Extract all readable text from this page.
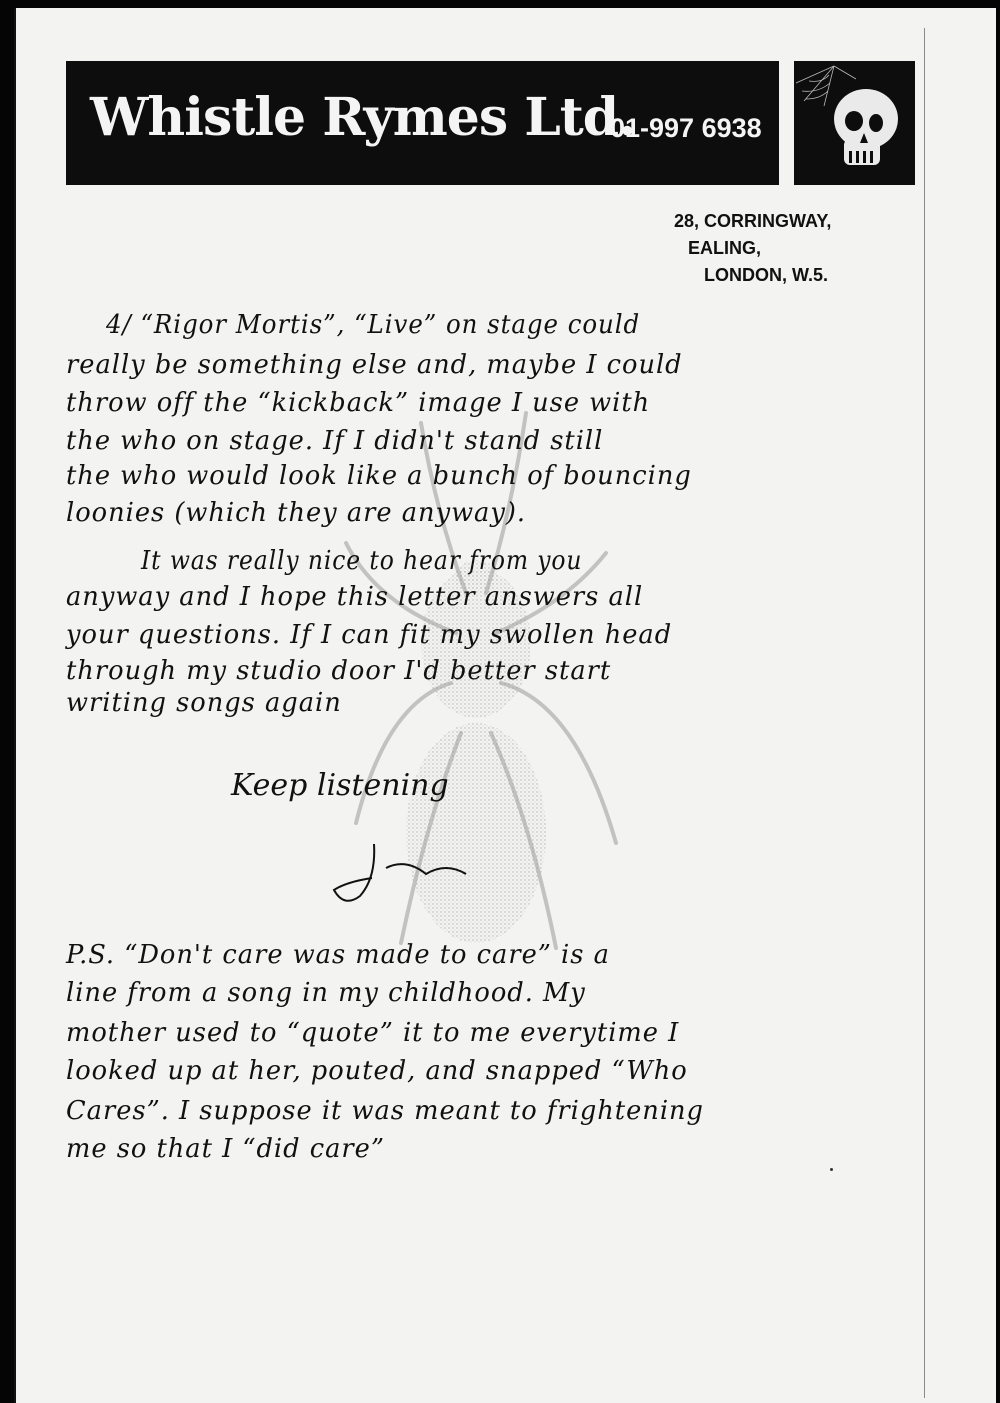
Whistle Rymes Ltd.
01-997 6938
28, CORRINGWAY,
EALING,
LONDON, W.5.
4/ “Rigor Mortis”, “Live” on stage could
really be something else and, maybe I could
throw off the “kickback” image I use with
the who on stage. If I didn't stand still
the who would look like a bunch of bouncing
loonies (which they are anyway).
It was really nice to hear from you
anyway and I hope this letter answers all
your questions. If I can fit my swollen head
through my studio door I'd better start
writing songs again
Keep listening
P.S. “Don't care was made to care” is a
line from a song in my childhood. My
mother used to “quote” it to me everytime I
looked up at her, pouted, and snapped “Who
Cares”. I suppose it was meant to frightening
me so that I “did care”
